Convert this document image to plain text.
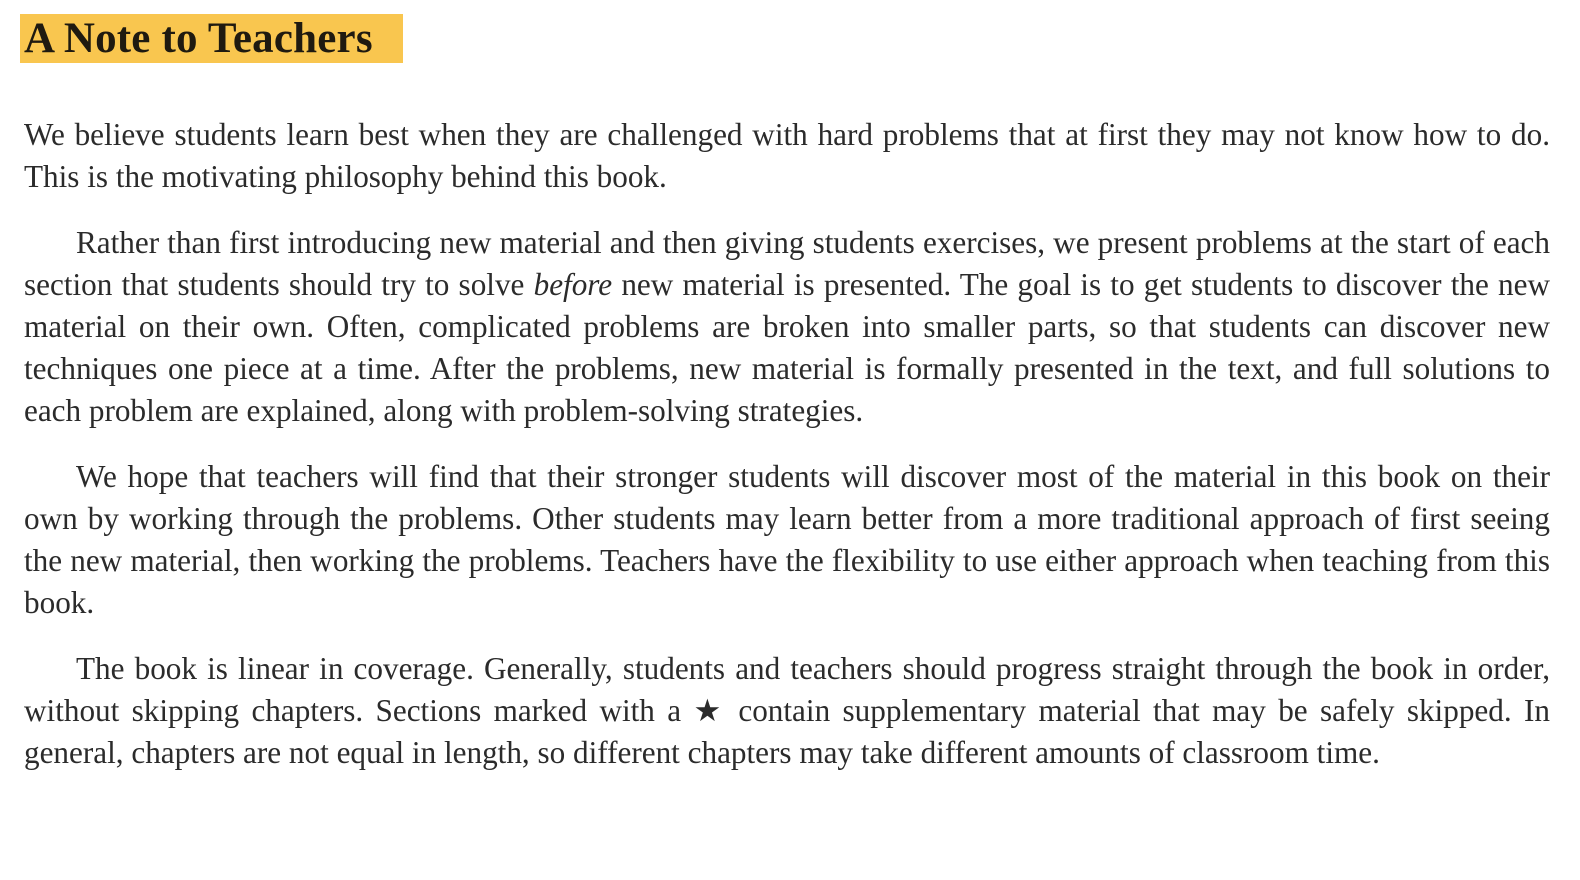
A Note to Teachers

We believe students learn best when they are challenged with hard problems that at first they may not know how to do. This is the motivating philosophy behind this book.

Rather than first introducing new material and then giving students exercises, we present problems at the start of each section that students should try to solve before new material is presented. The goal is to get students to discover the new material on their own. Often, complicated problems are broken into smaller parts, so that students can discover new techniques one piece at a time. After the problems, new material is formally presented in the text, and full solutions to each problem are explained, along with problem-solving strategies.

We hope that teachers will find that their stronger students will discover most of the material in this book on their own by working through the problems. Other students may learn better from a more traditional approach of first seeing the new material, then working the problems. Teachers have the flexibility to use either approach when teaching from this book.

The book is linear in coverage. Generally, students and teachers should progress straight through the book in order, without skipping chapters. Sections marked with a ★ contain supplementary material that may be safely skipped. In general, chapters are not equal in length, so different chapters may take different amounts of classroom time.
